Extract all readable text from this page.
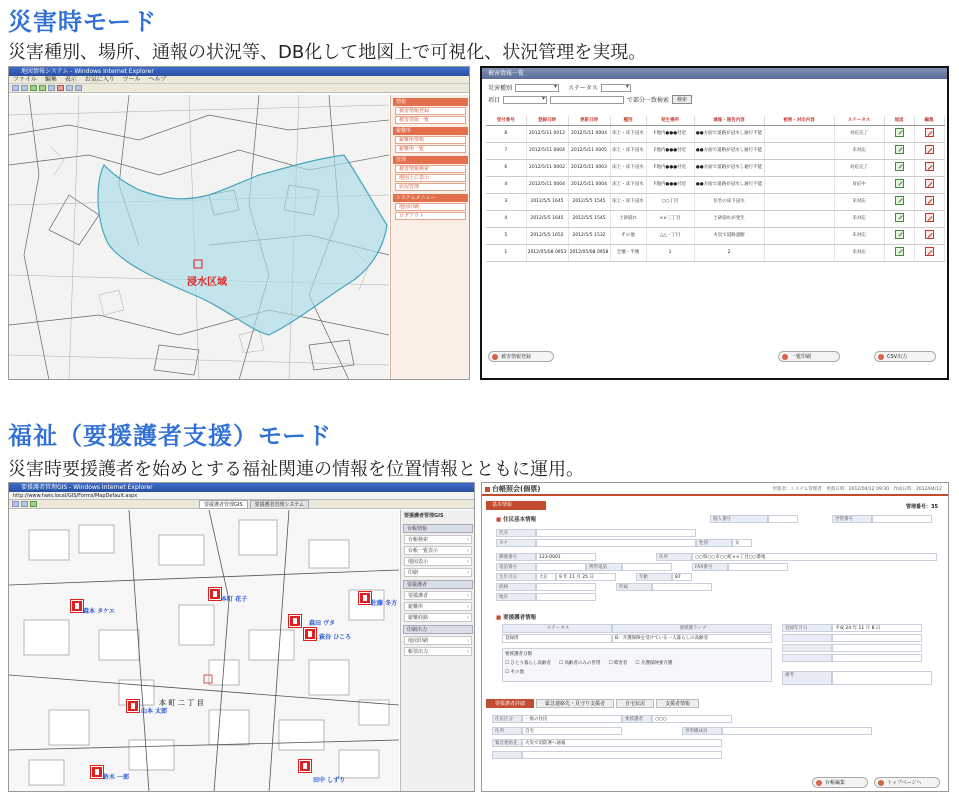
災害時モード
災害種別、場所、通報の状況等、DB化して地図上で可視化、状況管理を実現。
地図情報システム - Windows Internet Explorer
ファイル 編集 表示 お気に入り ツール ヘルプ
浸水区域
情報
被害情報登録
被害情報一覧
避難所
避難所情報
避難所一覧
管理
被害情報検索
地図上に表示
状況管理
システムメニュー
地図印刷
ログアウト
被害情報一覧
災害種別 ▾	ステータス
▾
項目 ▾	で部分一致検索	検索
受付番号	登録日時	更新日時	種別	発生場所	通報・報告内容	被害・対応内容	ステータス	地図	編集
8	2012/5/11 0012	2012/5/11 0004	床上・床下浸水	F地内●●●付近	●●方面で道路が冠水し通行不能		対応完了		
7	2012/5/11 0004	2012/5/11 0005	床上・床下浸水	F地内●●●付近	●●方面で道路が冠水し通行不能		未対応		
6	2012/5/11 0002	2012/5/11 0003	床上・床下浸水	F地内●●●付近	●●方面で道路が冠水し通行不能		対応完了		
4	2012/5/11 0004	2012/5/11 0004	床上・床下浸水	F地内●●●付近	●●方面で道路が冠水し通行不能		対応中		
3	2012/5/5 1645	2012/5/5 1545	床上・床下浸水	○○丁目	住宅の床下浸水		未対応		
4	2012/5/5 1645	2012/5/5 1545	土砂崩れ	××三丁目	土砂崩れが発生		未対応		
5	2012/5/5 1652	2012/5/5 1532	その他	△△一丁目	火災で道路遮断		未対応		
1	2012/05/08 0953	2012/05/08 0958	全壊・半壊	1	2		未対応		
被害情報登録	一覧印刷	CSV出力
福祉（要援護者支援）モード
災害時要援護者を始めとする福祉関連の情報を位置情報とともに運用。
要援護者管理GIS - Windows Internet Explorer
http://www.hwis.local/GIS/Forms/MapDefault.aspx
要援護者管理GIS	要援護者管理システム
本 町 二 丁 目
森本 タケエ
本町 花子
森田 ヴタ
萩谷 ひころ
山本 太郎
鈴木 一郎	田中 しずり
佐藤 冬方
要援護者管理GIS
台帳情報
台帳検索 ›
台帳一覧表示 ›
地図表示 ›
印刷 ›
要援護者
要援護者 ›
避難所 ›
避難経路 ›
印刷出力
地図印刷 ›
帳票出力 ›
台帳照会(個票)	更新者：システム管理者　更新日時：2012/04/12 09:30　作成日時：2012/04/12
基本情報	管理番号：35
■ 住民基本情報	個人番号	世帯番号
氏名
カナ	性別	女
郵便番号	123-0001	住所	○○県○○市○○町××丁目○○番地
電話番号	携帯電話	FAX番号
生年月日	大正	9 年 11 月 25 日	年齢	87
続柄	所属
地区
■ 要援護者情報
ステータス	要援護ランク
登録済	B：介護保険を受けている一人暮らしの高齢者
登録年月日	平成 24 年 11 月 8 日
要援護者分類
☐ ひとり暮らし高齢者 ☐ 高齢者のみの世帯 ☐ 障害者 ☐ 介護保険要介護
☐ その他
備考
要援護者詳細	緊急連絡先・見守り支援者	自宅状況	支援者情報
住民区分	一般の住民	要援護者	○○○
住所	自宅	世帯構成員
緊急連絡先	火災で消防署へ通報
台帳編集	トップページへ
